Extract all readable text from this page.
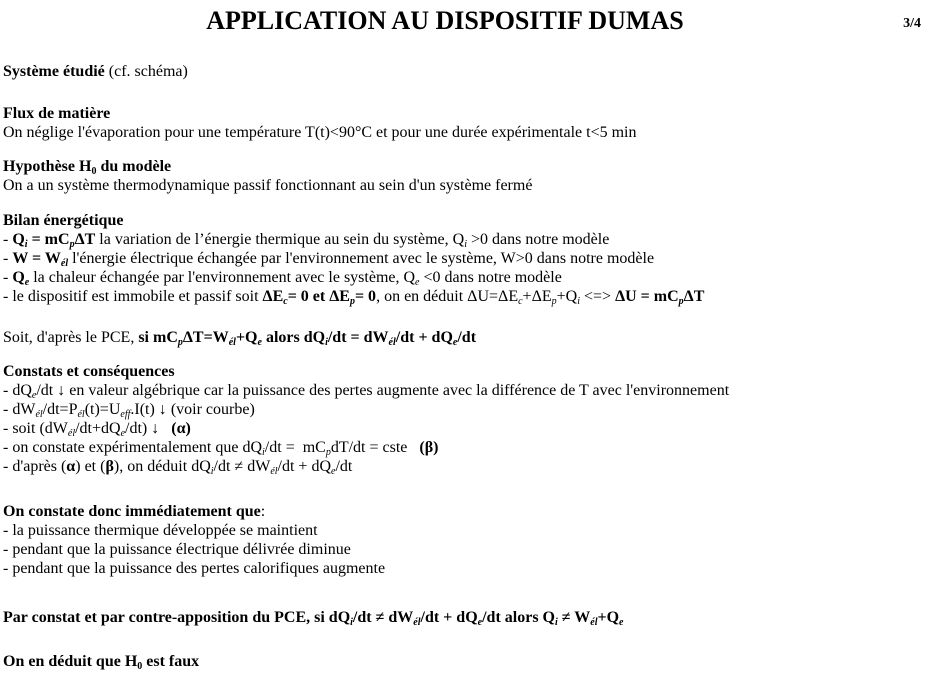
APPLICATION AU DISPOSITIF DUMAS	3/4
Système étudié (cf. schéma)
Flux de matière
On néglige l'évaporation pour une température T(t)<90°C et pour une durée expérimentale t<5 min
Hypothèse $H_0$ du modèle
On a un système thermodynamique passif fonctionnant au sein d'un système fermé
Bilan énergétique
- $Q_i = mC_p\Delta T$ la variation de l’énergie thermique au sein du système, $Q_i >0$ dans notre modèle
- $W = W_{él}$ l'énergie électrique échangée par l'environnement avec le système, W>0 dans notre modèle
- $Q_e$ la chaleur échangée par l'environnement avec le système, $Q_e <0$ dans notre modèle
- le dispositif est immobile et passif soit $\Delta E_c= 0$ et $\Delta E_p= 0$, on en déduit $\Delta U=\Delta E_c+\Delta E_p+Q_i$ <=> $\Delta U = mC_p\Delta T$
Soit, d'après le PCE, si $mC_p\Delta T=W_{él}+Q_e$ alors $dQ_i/dt = dW_{él}/dt + dQ_e/dt$
Constats et conséquences
- $dQ_e/dt$ ↓ en valeur algébrique car la puissance des pertes augmente avec la différence de T avec l'environnement
- $dW_{él}/dt=P_{él}(t)=U_{eff}.I(t)$ ↓ (voir courbe)
- soit $(dW_{él}/dt+dQ_e/dt)$ ↓   (α)
- on constate expérimentalement que $dQ_i/dt = mC_pdT/dt$ = cste   (β)
- d'après (α) et (β), on déduit $dQ_i/dt \ne dW_{él}/dt + dQ_e/dt$
On constate donc immédiatement que:
- la puissance thermique développée se maintient
- pendant que la puissance électrique délivrée diminue
- pendant que la puissance des pertes calorifiques augmente
Par constat et par contre-apposition du PCE, si $dQ_i/dt \ne dW_{él}/dt + dQ_e/dt$ alors $Q_i \ne W_{él}+Q_e$
On en déduit que $H_0$ est faux
